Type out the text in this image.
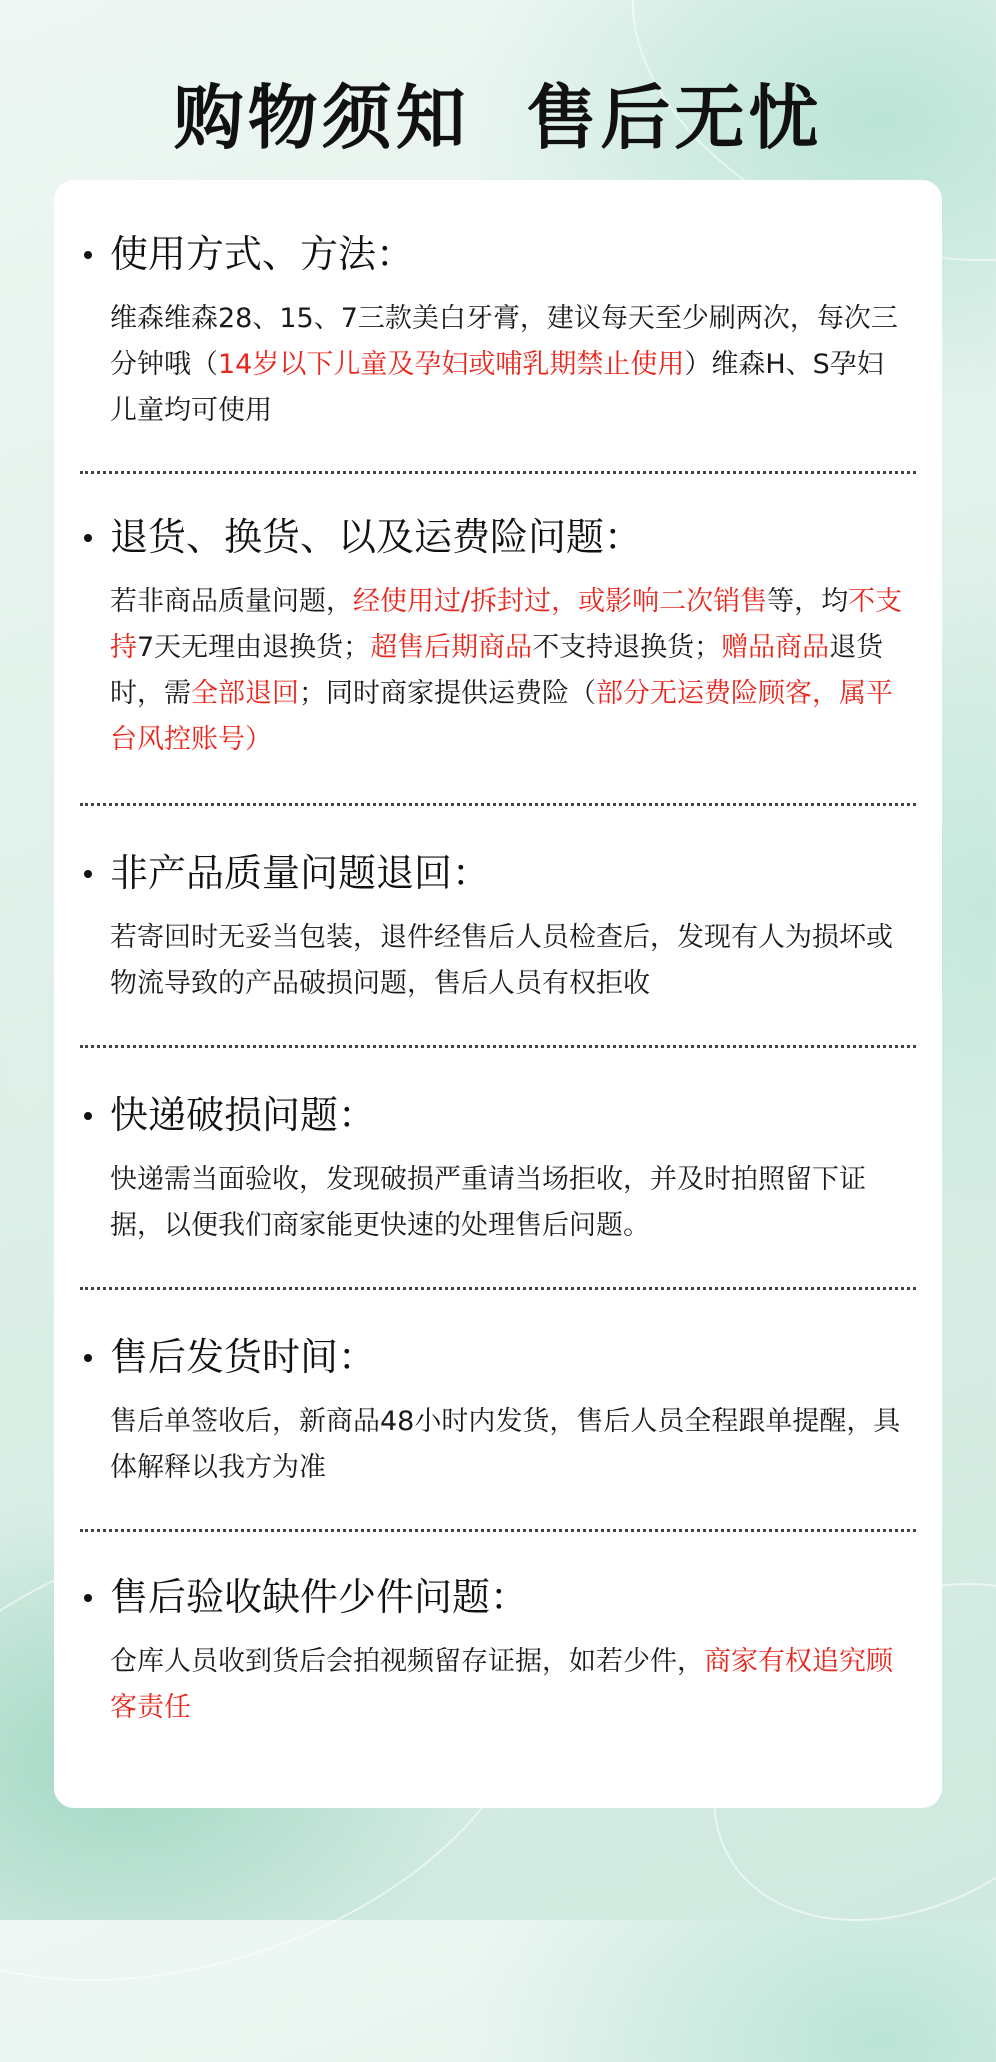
购物须知  售后无忧
使用方式、方法：
维森维森28、15、7三款美白牙膏，建议每天至少刷两次，每次三分钟哦（14岁以下儿童及孕妇或哺乳期禁止使用）维森H、S孕妇儿童均可使用
退货、换货、以及运费险问题：
若非商品质量问题，经使用过/拆封过，或影响二次销售等，均不支持7天无理由退换货；超售后期商品不支持退换货；赠品商品退货时，需全部退回；同时商家提供运费险（部分无运费险顾客，属平台风控账号）
非产品质量问题退回：
若寄回时无妥当包装，退件经售后人员检查后，发现有人为损坏或物流导致的产品破损问题，售后人员有权拒收
快递破损问题：
快递需当面验收，发现破损严重请当场拒收，并及时拍照留下证据，以便我们商家能更快速的处理售后问题。
售后发货时间：
售后单签收后，新商品48小时内发货，售后人员全程跟单提醒，具体解释以我方为准
售后验收缺件少件问题：
仓库人员收到货后会拍视频留存证据，如若少件，商家有权追究顾客责任
